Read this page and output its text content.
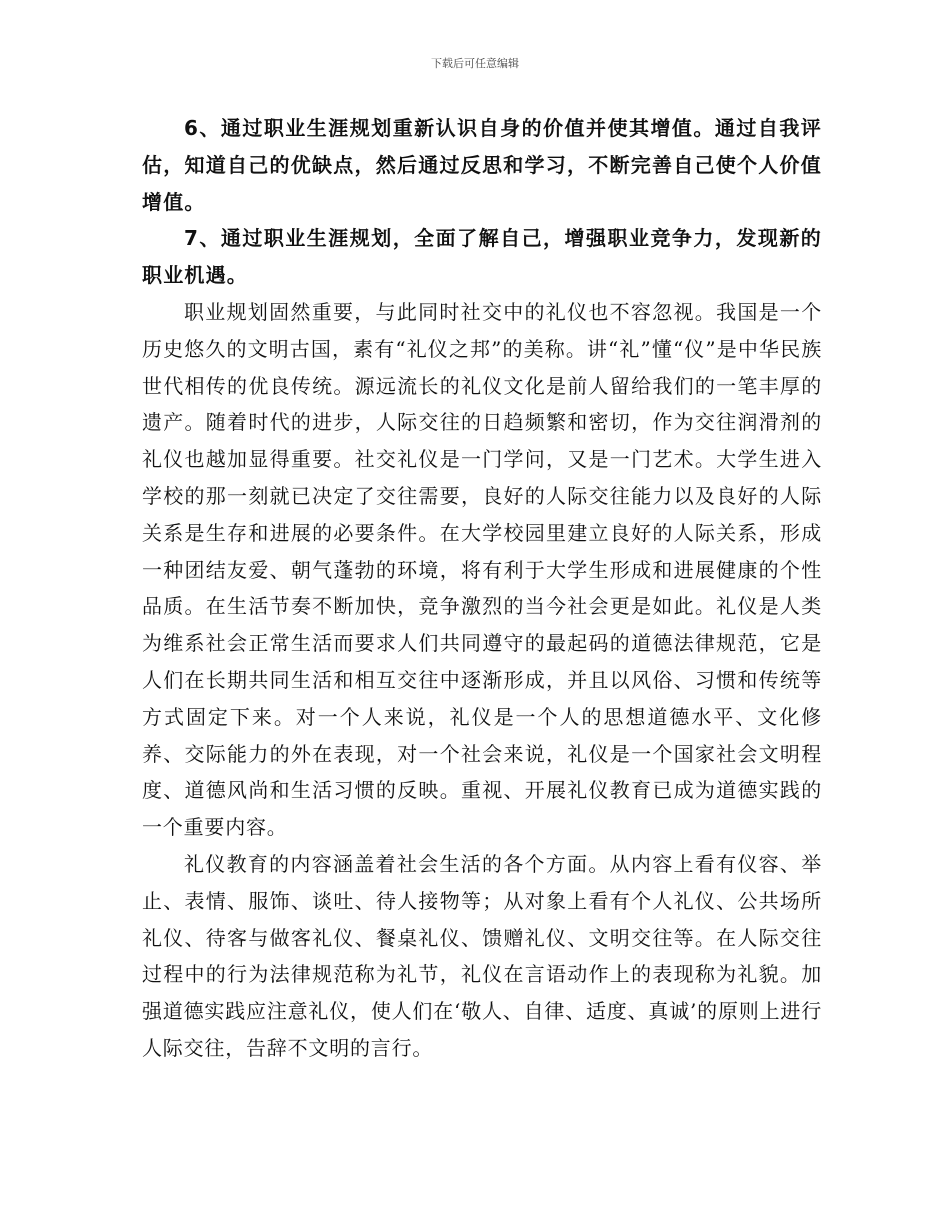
下载后可任意编辑

6、通过职业生涯规划重新认识自身的价值并使其增值。通过自我评估，知道自己的优缺点，然后通过反思和学习，不断完善自己使个人价值增值。

7、通过职业生涯规划，全面了解自己，增强职业竞争力，发现新的职业机遇。

职业规划固然重要，与此同时社交中的礼仪也不容忽视。我国是一个历史悠久的文明古国，素有“礼仪之邦”的美称。讲“礼”懂“仪”是中华民族世代相传的优良传统。源远流长的礼仪文化是前人留给我们的一笔丰厚的遗产。随着时代的进步，人际交往的日趋频繁和密切，作为交往润滑剂的礼仪也越加显得重要。社交礼仪是一门学问，又是一门艺术。大学生进入学校的那一刻就已决定了交往需要，良好的人际交往能力以及良好的人际关系是生存和进展的必要条件。在大学校园里建立良好的人际关系，形成一种团结友爱、朝气蓬勃的环境，将有利于大学生形成和进展健康的个性品质。在生活节奏不断加快，竞争激烈的当今社会更是如此。礼仪是人类为维系社会正常生活而要求人们共同遵守的最起码的道德法律规范，它是人们在长期共同生活和相互交往中逐渐形成，并且以风俗、习惯和传统等方式固定下来。对一个人来说，礼仪是一个人的思想道德水平、文化修养、交际能力的外在表现，对一个社会来说，礼仪是一个国家社会文明程度、道德风尚和生活习惯的反映。重视、开展礼仪教育已成为道德实践的一个重要内容。

礼仪教育的内容涵盖着社会生活的各个方面。从内容上看有仪容、举止、表情、服饰、谈吐、待人接物等；从对象上看有个人礼仪、公共场所礼仪、待客与做客礼仪、餐桌礼仪、馈赠礼仪、文明交往等。在人际交往过程中的行为法律规范称为礼节，礼仪在言语动作上的表现称为礼貌。加强道德实践应注意礼仪，使人们在‘敬人、自律、适度、真诚’的原则上进行人际交往，告辞不文明的言行。
